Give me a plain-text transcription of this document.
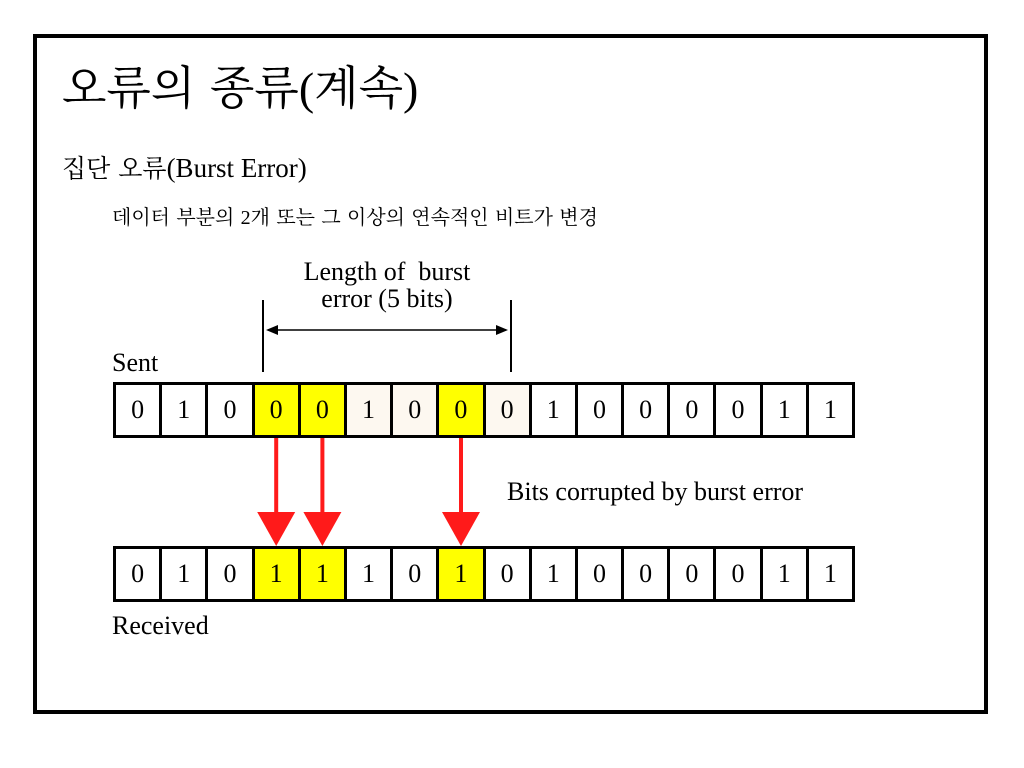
오류의 종류(계속)
집단 오류(Burst Error)
데이터 부분의 2개 또는 그 이상의 연속적인 비트가 변경
Length of  burst
error (5 bits)
Sent
0	1	0	0	0	1	0	0	0	1	0	0	0	0	1	1
Bits corrupted by burst error
0	1	0	1	1	1	0	1	0	1	0	0	0	0	1	1
Received
